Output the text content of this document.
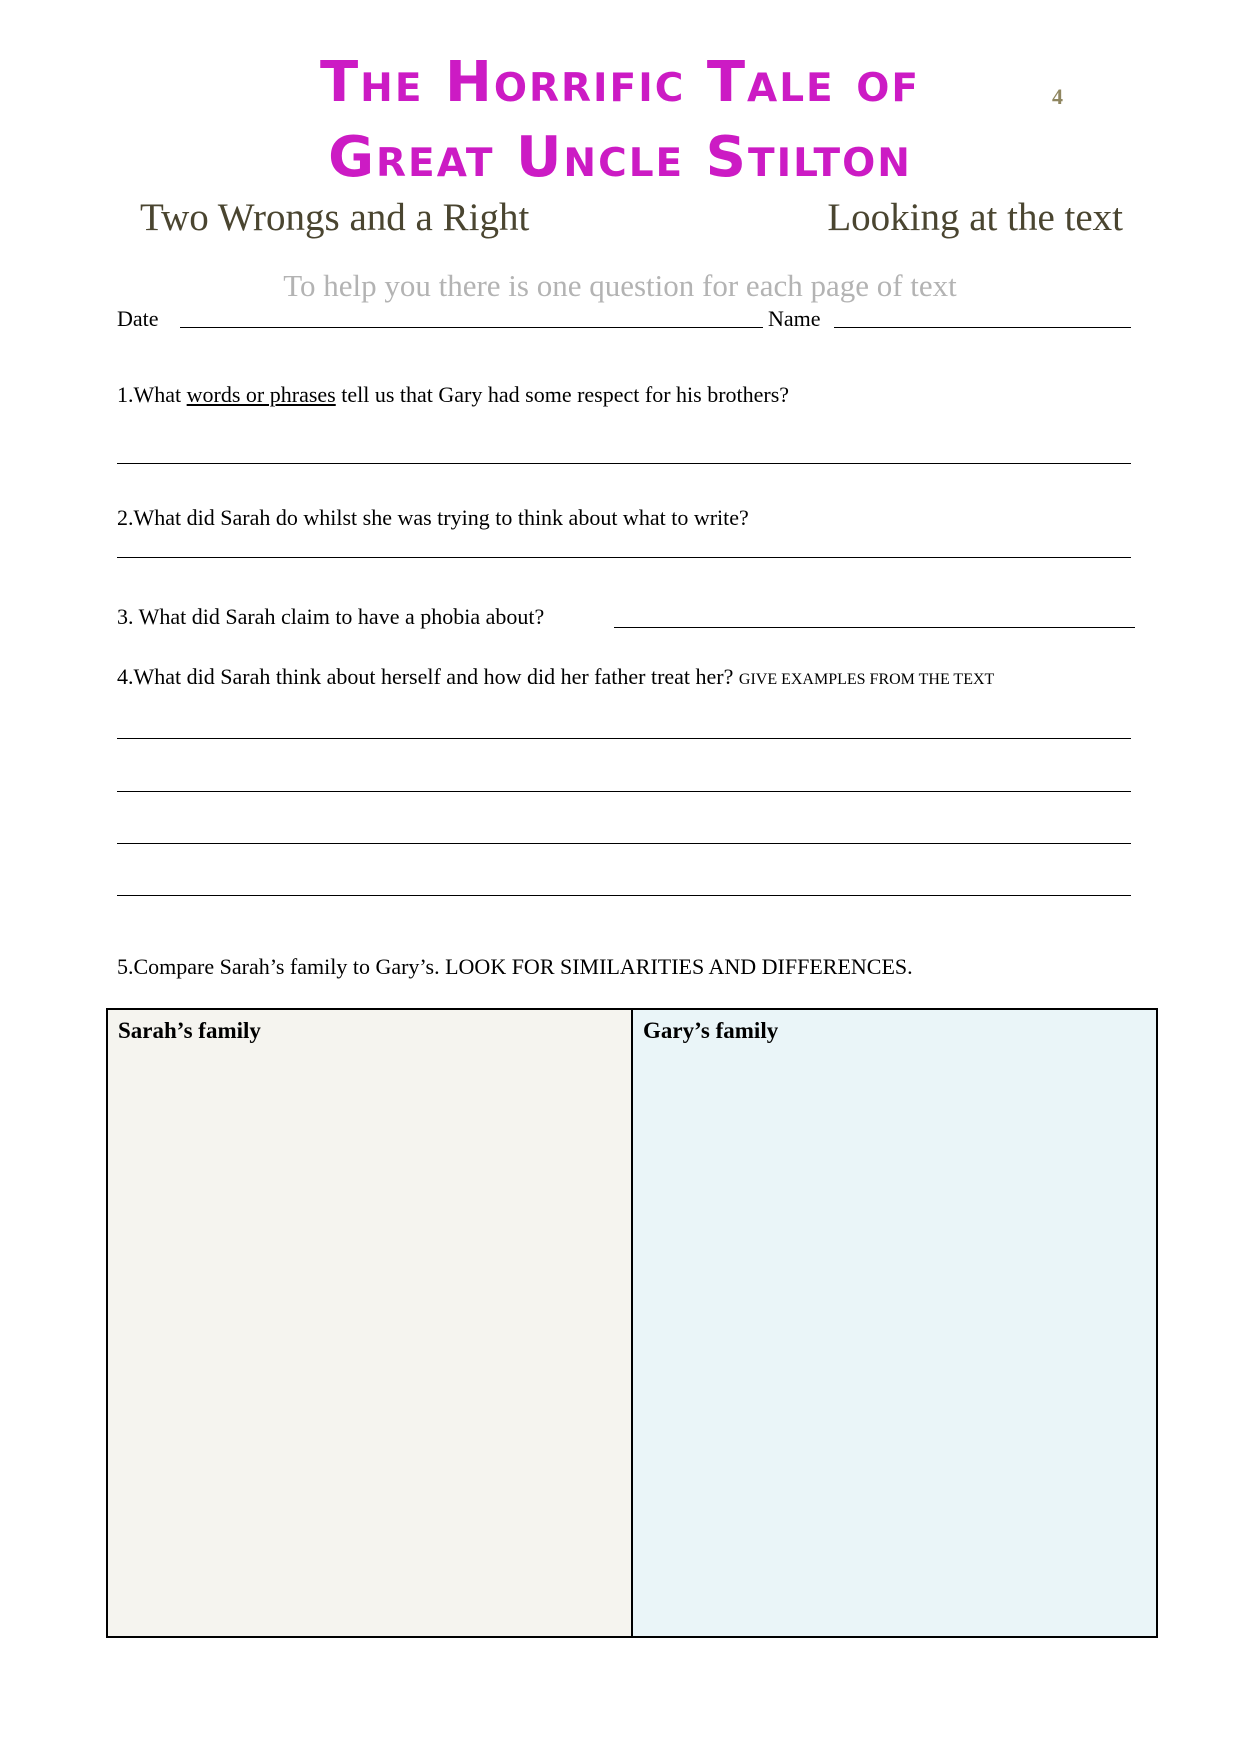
The Horrific Tale of
Great Uncle Stilton
4
Two Wrongs and a Right	Looking at the text
To help you there is one question for each page of text
Date	Name
1.What words or phrases tell us that Gary had some respect for his brothers?
2.What did Sarah do whilst she was trying to think about what to write?
3. What did Sarah claim to have a phobia about?
4.What did Sarah think about herself and how did her father treat her? GIVE EXAMPLES FROM THE TEXT
5.Compare Sarah’s family to Gary’s. LOOK FOR SIMILARITIES AND DIFFERENCES.
Sarah’s family	Gary’s family
